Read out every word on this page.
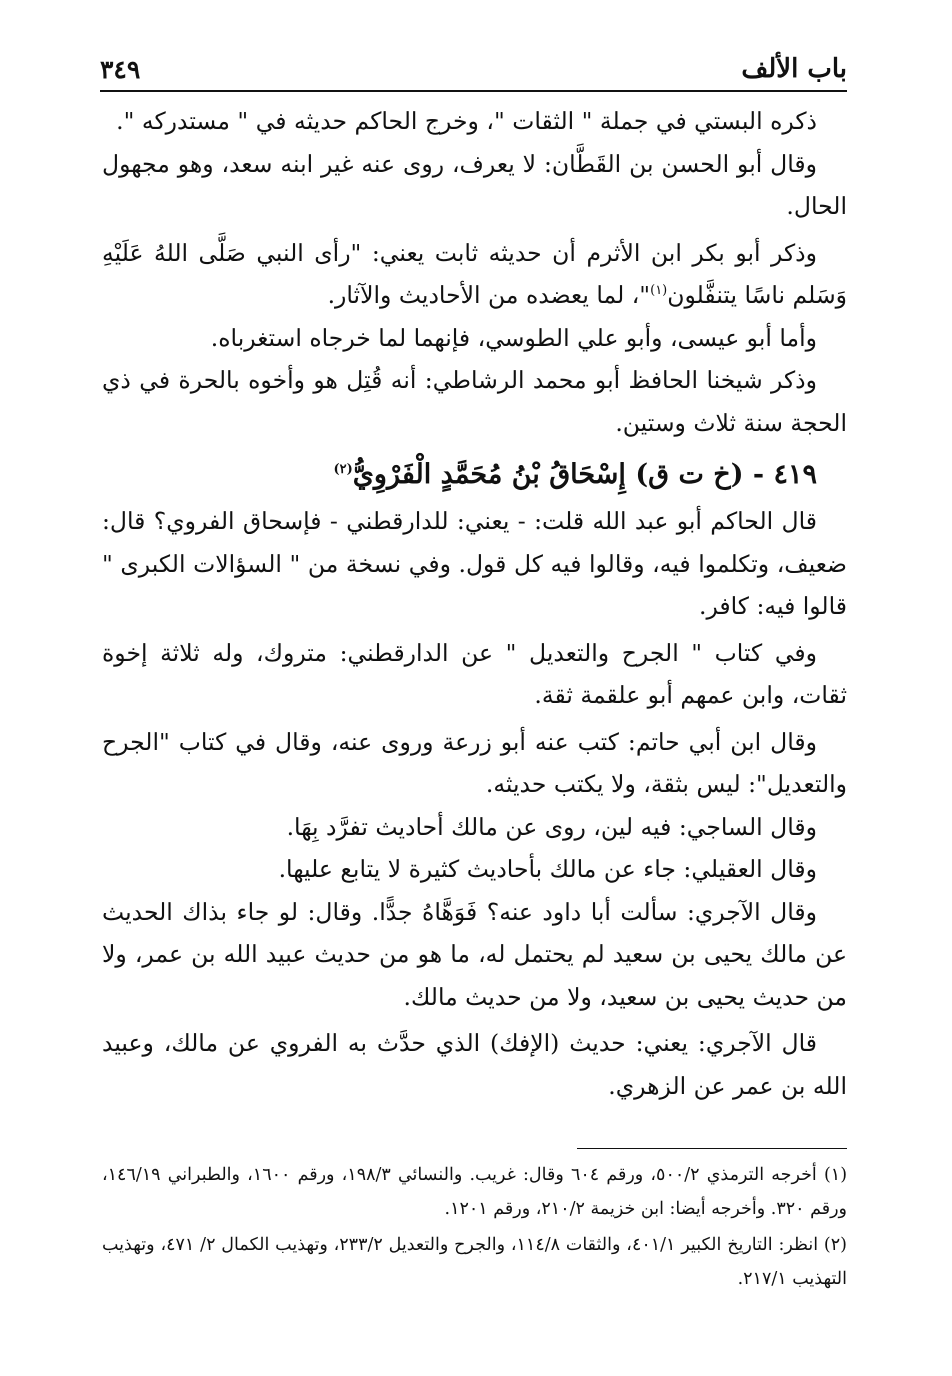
باب الألف
٣٤٩

ذكره البستي في جملة " الثقات "، وخرج الحاكم حديثه في " مستدركه ".

وقال أبو الحسن بن القَطَّان: لا يعرف، روى عنه غير ابنه سعد، وهو مجهول الحال.

وذكر أبو بكر ابن الأثرم أن حديثه ثابت يعني: "رأى النبي صَلَّى اللهُ عَلَيْهِ وَسَلم ناسًا يتنفَّلون$^{(١)}$"، لما يعضده من الأحاديث والآثار.

وأما أبو عيسى، وأبو علي الطوسي، فإنهما لما خرجاه استغرباه.

وذكر شيخنا الحافظ أبو محمد الرشاطي: أنه قُتِل هو وأخوه بالحرة في ذي الحجة سنة ثلاث وستين.

٤١٩ - (خ ت ق) إِسْحَاقُ بْنُ مُحَمَّدٍ الْفَرْوِيُّ$^{(٢)}$

قال الحاكم أبو عبد الله قلت: - يعني: للدارقطني - فإسحاق الفروي؟ قال: ضعيف، وتكلموا فيه، وقالوا فيه كل قول. وفي نسخة من " السؤالات الكبرى " قالوا فيه: كافر.

وفي كتاب " الجرح والتعديل " عن الدارقطني: متروك، وله ثلاثة إخوة ثقات، وابن عمهم أبو علقمة ثقة.

وقال ابن أبي حاتم: كتب عنه أبو زرعة وروى عنه، وقال في كتاب "الجرح والتعديل": ليس بثقة، ولا يكتب حديثه.

وقال الساجي: فيه لين، روى عن مالك أحاديث تفرَّد بِهَا.

وقال العقيلي: جاء عن مالك بأحاديث كثيرة لا يتابع عليها.

وقال الآجري: سألت أبا داود عنه؟ فَوَهَّاهُ جدًّا. وقال: لو جاء بذاك الحديث عن مالك يحيى بن سعيد لم يحتمل له، ما هو من حديث عبيد الله بن عمر، ولا من حديث يحيى بن سعيد، ولا من حديث مالك.

قال الآجري: يعني: حديث (الإفك) الذي حدَّث به الفروي عن مالك، وعبيد الله بن عمر عن الزهري.

(١) أخرجه الترمذي ٥٠٠/٢، ورقم ٦٠٤ وقال: غريب. والنسائي ١٩٨/٣، ورقم ١٦٠٠، والطبراني ١٤٦/١٩، ورقم ٣٢٠. وأخرجه أيضا: ابن خزيمة ٢١٠/٢، ورقم ١٢٠١.

(٢) انظر: التاريخ الكبير ٤٠١/١، والثقات ١١٤/٨، والجرح والتعديل ٢٣٣/٢، وتهذيب الكمال ٢/ ٤٧١، وتهذيب التهذيب ٢١٧/١.
